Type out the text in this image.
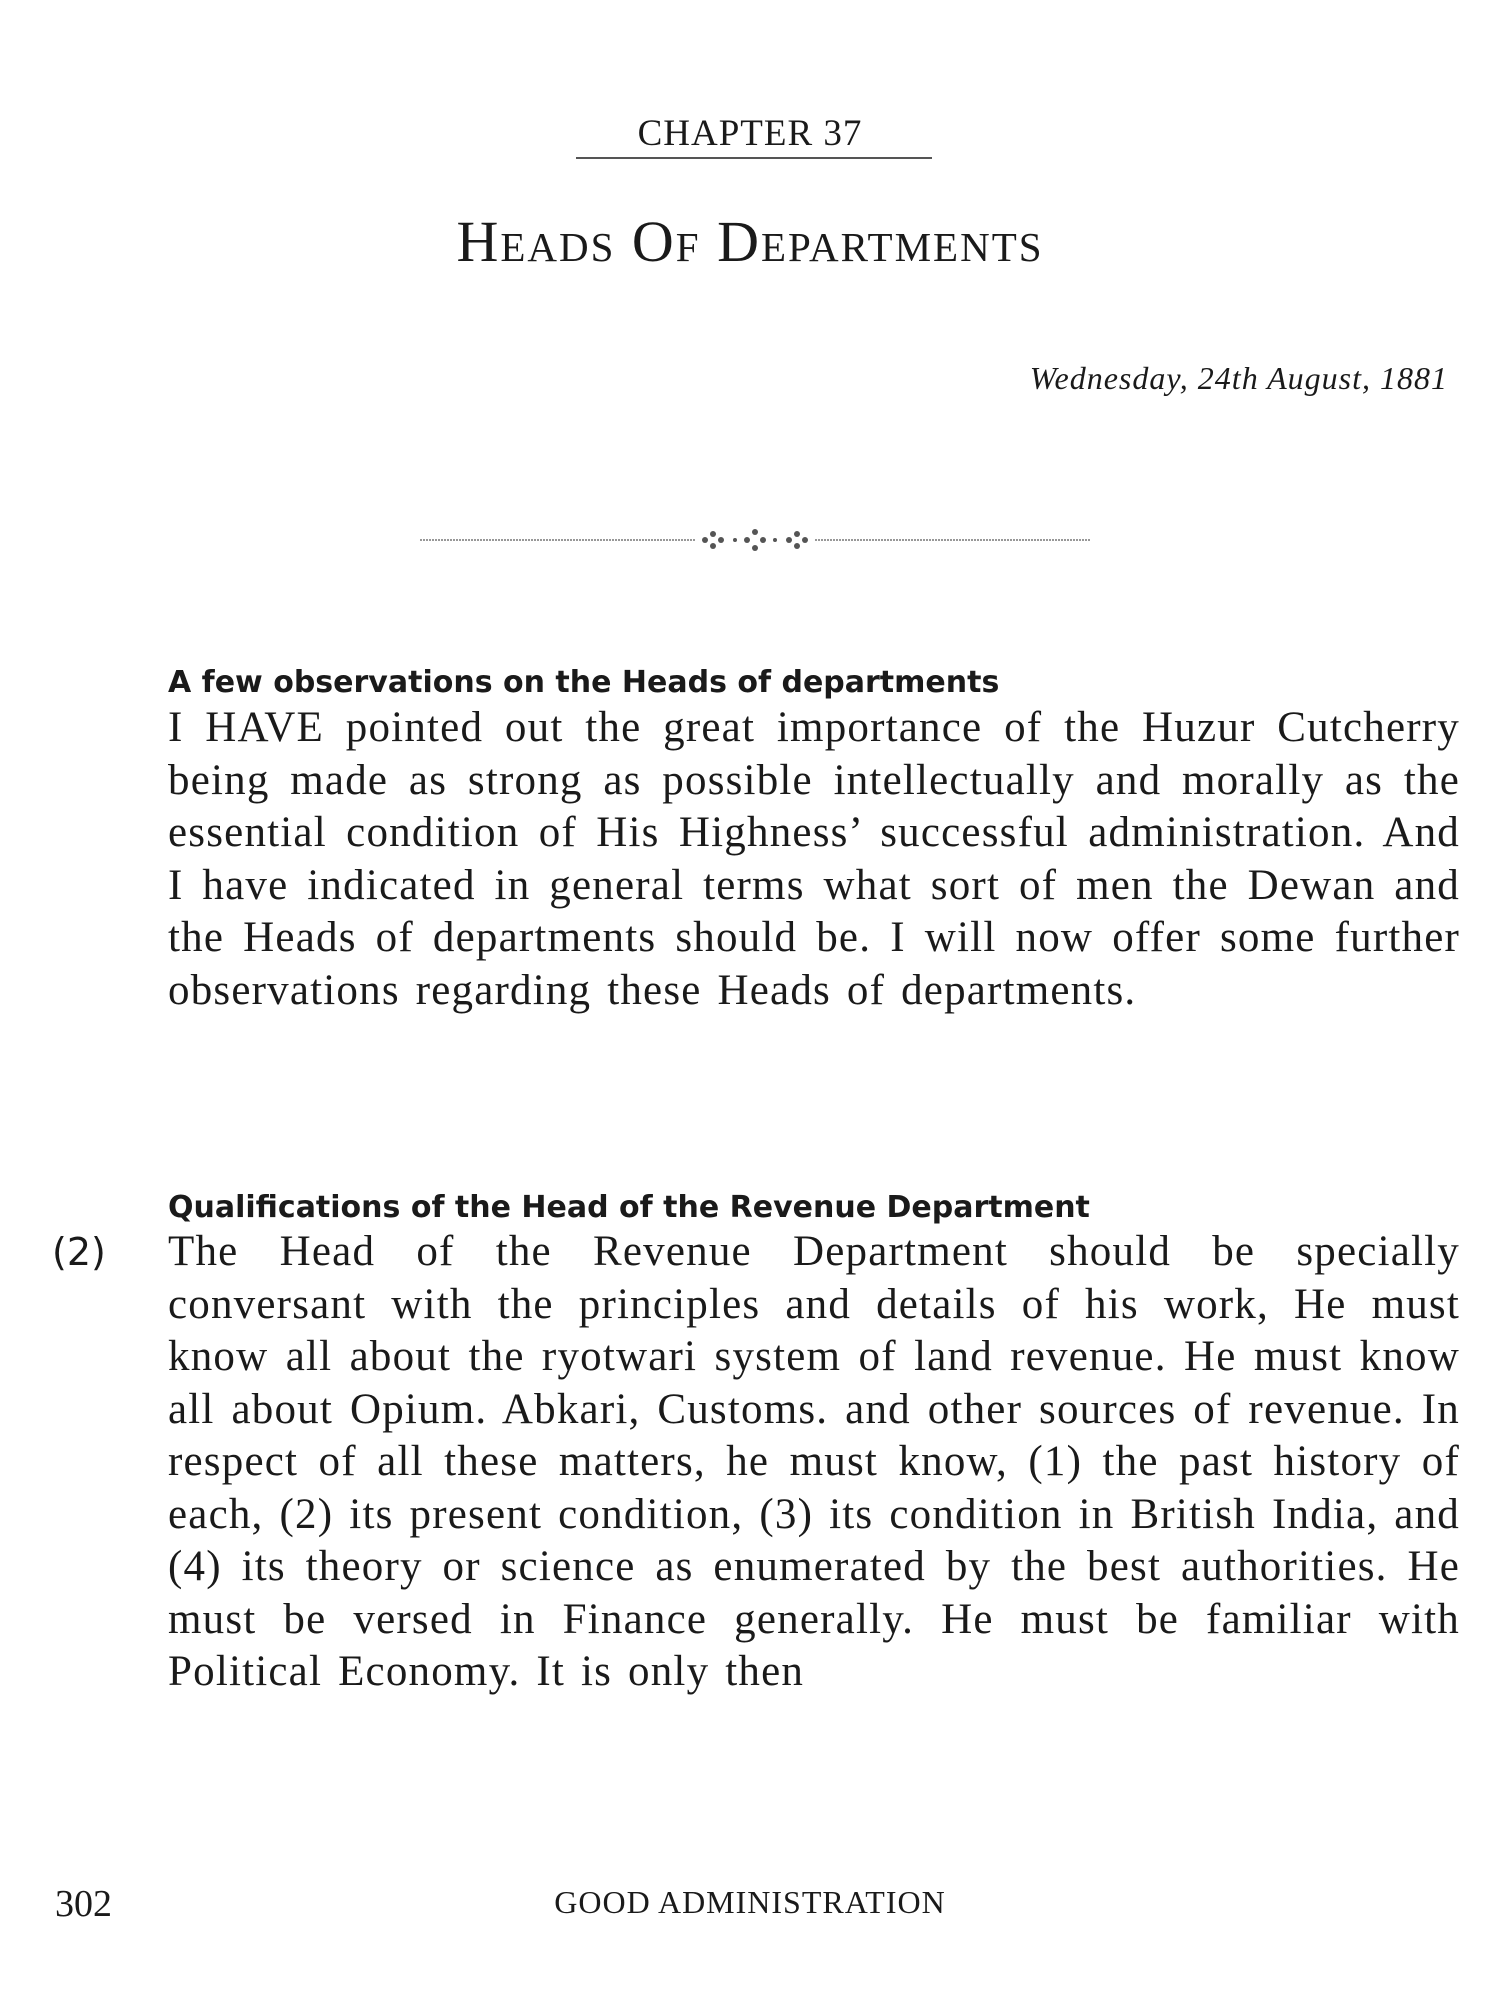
CHAPTER 37
Heads Of Departments
Wednesday, 24th August, 1881
A few observations on the Heads of departments

I HAVE pointed out the great importance of the Huzur Cutcherry being made as strong as possible intellectually and morally as the essential condition of His Highness’ successful administration. And I have indicated in general terms what sort of men the Dewan and the Heads of departments should be. I will now offer some further observations regarding these Heads of departments.

Qualifications of the Head of the Revenue Department
(2) The Head of the Revenue Department should be specially conversant with the principles and details of his work, He must know all about the ryotwari system of land revenue. He must know all about Opium. Abkari, Customs. and other sources of revenue. In respect of all these matters, he must know, (1) the past history of each, (2) its present condition, (3) its condition in British India, and (4) its theory or science as enumerated by the best authorities. He must be versed in Finance generally. He must be familiar with Political Economy. It is only then

302	GOOD ADMINISTRATION
